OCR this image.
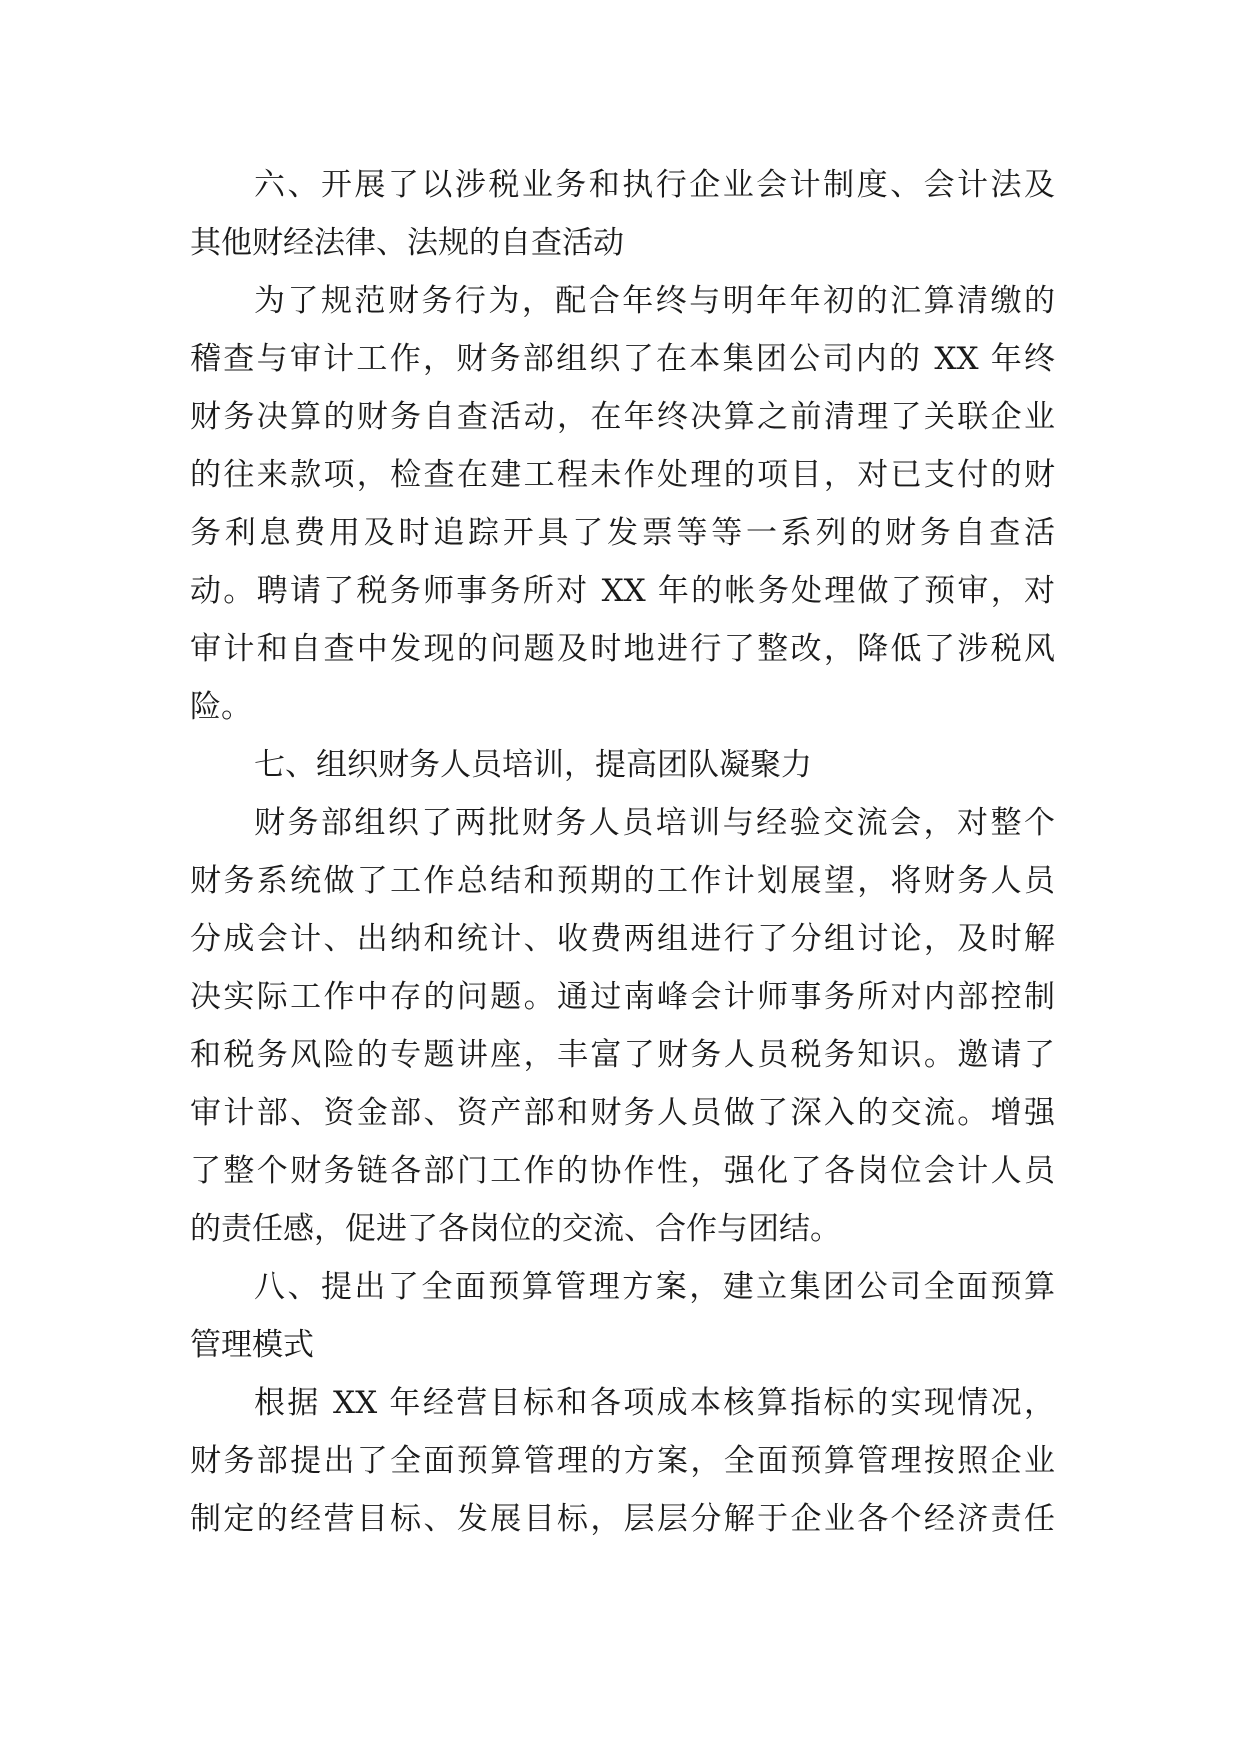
六、开展了以涉税业务和执行企业会计制度、会计法及
其他财经法律、法规的自查活动
为了规范财务行为，配合年终与明年年初的汇算清缴的
稽查与审计工作，财务部组织了在本集团公司内的 XX 年终
财务决算的财务自查活动，在年终决算之前清理了关联企业
的往来款项，检查在建工程未作处理的项目，对已支付的财
务利息费用及时追踪开具了发票等等一系列的财务自查活
动。聘请了税务师事务所对 XX 年的帐务处理做了预审，对
审计和自查中发现的问题及时地进行了整改，降低了涉税风
险。
七、组织财务人员培训，提高团队凝聚力
财务部组织了两批财务人员培训与经验交流会，对整个
财务系统做了工作总结和预期的工作计划展望，将财务人员
分成会计、出纳和统计、收费两组进行了分组讨论，及时解
决实际工作中存的问题。通过南峰会计师事务所对内部控制
和税务风险的专题讲座，丰富了财务人员税务知识。邀请了
审计部、资金部、资产部和财务人员做了深入的交流。增强
了整个财务链各部门工作的协作性，强化了各岗位会计人员
的责任感，促进了各岗位的交流、合作与团结。
八、提出了全面预算管理方案，建立集团公司全面预算
管理模式
根据 XX 年经营目标和各项成本核算指标的实现情况，
财务部提出了全面预算管理的方案，全面预算管理按照企业
制定的经营目标、发展目标，层层分解于企业各个经济责任
